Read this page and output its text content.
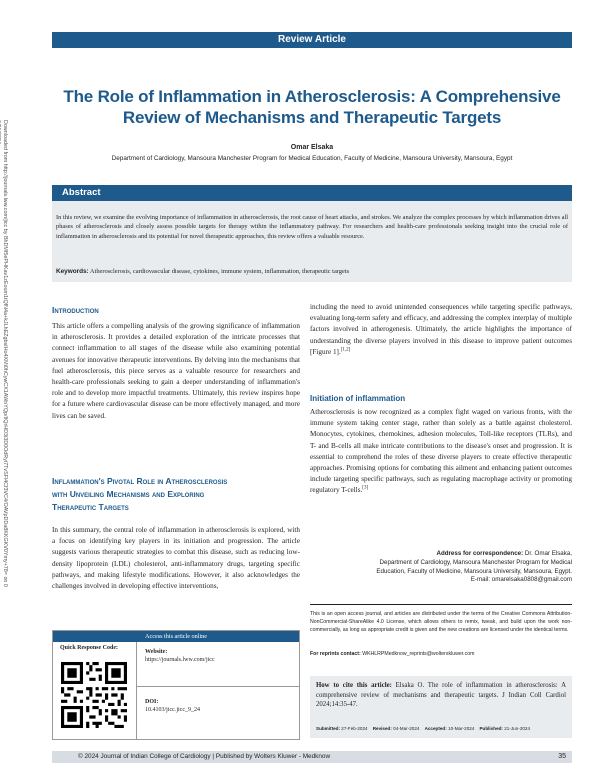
Review Article
Downloaded from http://journals.lww.com/jicc by BhDMf5ePHKav1zEoum1tQfN4a+kJLhEZgbsIHo4XMi0hCywCX1AWnYQp/IlQrHD3i3D0OdRyi7TvSFl4Cf3VC4/OAVpDDa8KKGKV0Ymy+78= on 0
The Role of Inflammation in Atherosclerosis: A Comprehensive Review of Mechanisms and Therapeutic Targets
Omar Elsaka
Department of Cardiology, Mansoura Manchester Program for Medical Education, Faculty of Medicine, Mansoura University, Mansoura, Egypt
Abstract

In this review, we examine the evolving importance of inflammation in atherosclerosis, the root cause of heart attacks, and strokes. We analyze the complex processes by which inflammation drives all phases of atherosclerosis and closely assess possible targets for therapy within the inflammatory pathway. For researchers and health-care professionals seeking insight into the crucial role of inflammation in atherosclerosis and its potential for novel therapeutic approaches, this review offers a valuable resource.

Keywords: Atherosclerosis, cardiovascular disease, cytokines, immune system, inflammation, therapeutic targets

Introduction

This article offers a compelling analysis of the growing significance of inflammation in atherosclerosis. It provides a detailed exploration of the intricate processes that connect inflammation to all stages of the disease while also examining potential avenues for innovative therapeutic interventions. By delving into the mechanisms that fuel atherosclerosis, this piece serves as a valuable resource for researchers and health-care professionals seeking to gain a deeper understanding of inflammation's role and to develop more impactful treatments. Ultimately, this review inspires hope for a future where cardiovascular disease can be more effectively managed, and more lives can be saved.

Inflammation's Pivotal Role in Atherosclerosis
with Unveiling Mechanisms and Exploring
Therapeutic Targets

In this summary, the central role of inflammation in atherosclerosis is explored, with a focus on identifying key players in its initiation and progression. The article suggests various therapeutic strategies to combat this disease, such as reducing low-density lipoprotein (LDL) cholesterol, anti-inflammatory drugs, targeting specific pathways, and making lifestyle modifications. However, it also acknowledges the challenges involved in developing effective interventions,

including the need to avoid unintended consequences while targeting specific pathways, evaluating long-term safety and efficacy, and addressing the complex interplay of multiple factors involved in atherogenesis. Ultimately, the article highlights the importance of understanding the diverse players involved in this disease to improve patient outcomes [Figure 1].[1,2]

Initiation of inflammation

Atherosclerosis is now recognized as a complex fight waged on various fronts, with the immune system taking center stage, rather than solely as a battle against cholesterol. Monocytes, cytokines, chemokines, adhesion molecules, Toll-like receptors (TLRs), and T- and B-cells all make intricate contributions to the disease's onset and progression. It is essential to comprehend the roles of these diverse players to create effective therapeutic approaches. Promising options for combating this ailment and enhancing patient outcomes include targeting specific pathways, such as regulating macrophage activity or promoting regulatory T-cells.[3]

Address for correspondence: Dr. Omar Elsaka,
Department of Cardiology, Mansoura Manchester Program for Medical
Education, Faculty of Medicine, Mansoura University, Mansoura, Egypt.
E-mail: omarelsaka0808@gmail.com

This is an open access journal, and articles are distributed under the terms of the Creative Commons Attribution-NonCommercial-ShareAlike 4.0 License, which allows others to remix, tweak, and build upon the work non-commercially, as long as appropriate credit is given and the new creations are licensed under the identical terms.

For reprints contact: WKHLRPMedknow_reprints@wolterskluwer.com

How to cite this article: Elsaka O. The role of inflammation in atherosclerosis: A comprehensive review of mechanisms and therapeutic targets. J Indian Coll Cardiol 2024;14:35-47.

Submitted: 27-Feb-2024 Revised: 04-Mar-2024 Accepted: 10-Mar-2024 Published: 21-Jun-2024
Access this article online
Quick Response Code:
Website:
https://journals.lww.com/jicc
DOI:
10.4103/jicc.jicc_9_24
© 2024 Journal of Indian College of Cardiology | Published by Wolters Kluwer - Medknow	35
